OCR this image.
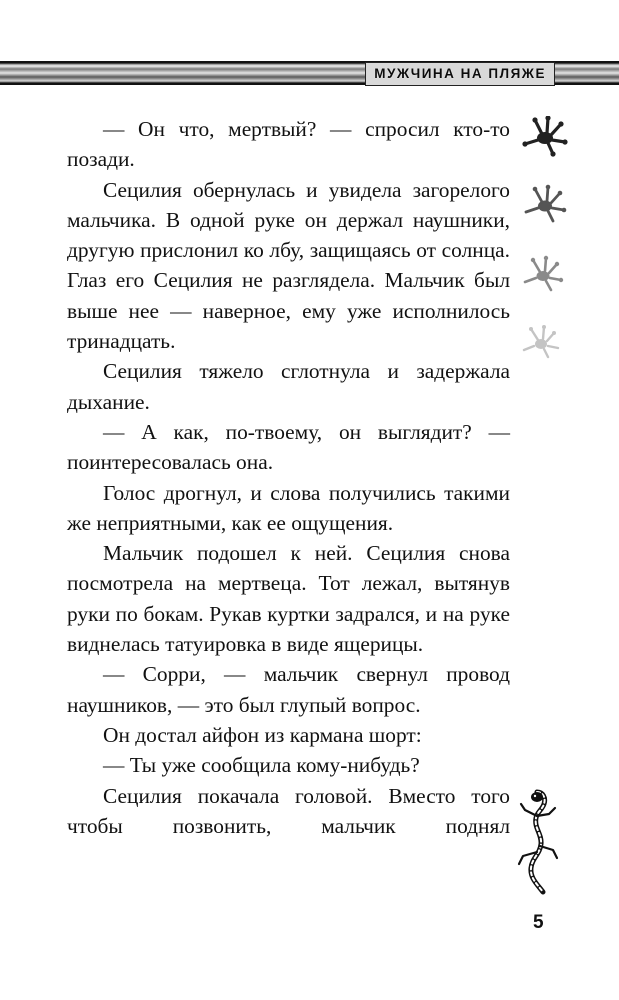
МУЖЧИНА НА ПЛЯЖЕ

— Он что, мертвый? — спросил кто-то позади.

Сецилия обернулась и увидела загорелого мальчика. В одной руке он держал наушники, другую прислонил ко лбу, защищаясь от солнца. Глаз его Сецилия не разглядела. Мальчик был выше нее — наверное, ему уже исполнилось тринадцать.

Сецилия тяжело сглотнула и задержала дыхание.

— А как, по-твоему, он выглядит? — поинтересовалась она.

Голос дрогнул, и слова получились такими же неприятными, как ее ощущения.

Мальчик подошел к ней. Сецилия снова посмотрела на мертвеца. Тот лежал, вытянув руки по бокам. Рукав куртки задрался, и на руке виднелась татуировка в виде ящерицы.

— Сорри, — мальчик свернул провод наушников, — это был глупый вопрос.

Он достал айфон из кармана шорт:

— Ты уже сообщила кому-нибудь?

Сецилия покачала головой. Вместо того чтобы позвонить, мальчик поднял

5
